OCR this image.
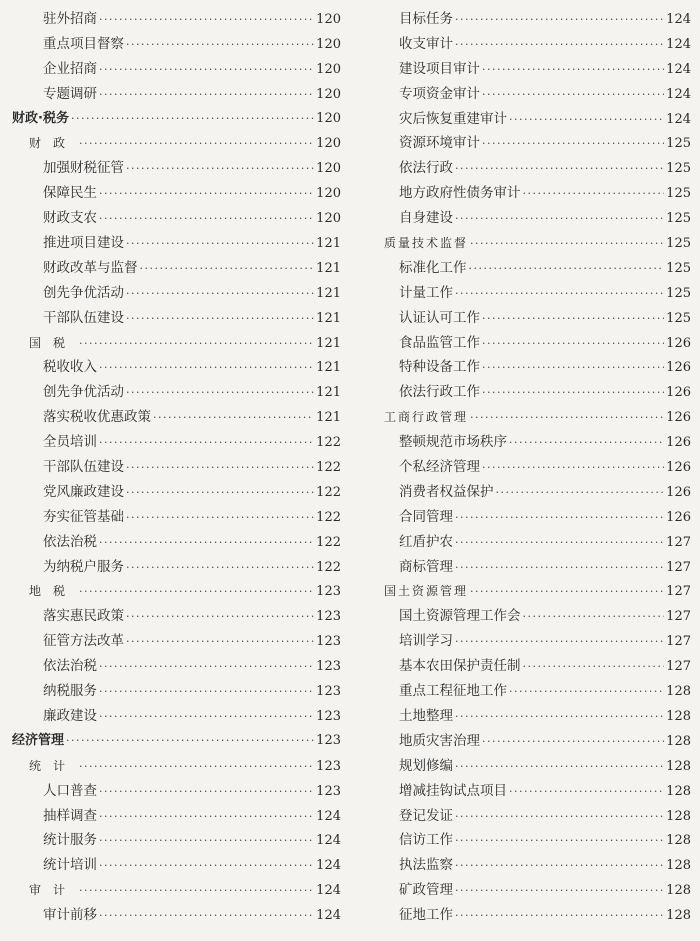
驻外招商 ·····	120
重点项目督察 ·····	120
企业招商 ·····	120
专题调研 ·····	120
财政·税务 ·····	120
财政 ·····	120
加强财税征管 ·····	120
保障民生 ·····	120
财政支农 ·····	120
推进项目建设 ·····	121
财政改革与监督 ·····	121
创先争优活动 ·····	121
干部队伍建设 ·····	121
国税 ·····	121
税收收入 ·····	121
创先争优活动 ·····	121
落实税收优惠政策 ·····	121
全员培训 ·····	122
干部队伍建设 ·····	122
党风廉政建设 ·····	122
夯实征管基础 ·····	122
依法治税 ·····	122
为纳税户服务 ·····	122
地税 ·····	123
落实惠民政策 ·····	123
征管方法改革 ·····	123
依法治税 ·····	123
纳税服务 ·····	123
廉政建设 ·····	123
经济管理 ·····	123
统计 ·····	123
人口普查 ·····	123
抽样调查 ·····	124
统计服务 ·····	124
统计培训 ·····	124
审计 ·····	124
审计前移 ·····	124
目标任务 ·····	124
收支审计 ·····	124
建设项目审计 ·····	124
专项资金审计 ·····	124
灾后恢复重建审计 ·····	124
资源环境审计 ·····	125
依法行政 ·····	125
地方政府性债务审计 ·····	125
自身建设 ·····	125
质量技术监督 ·····	125
标准化工作 ·····	125
计量工作 ·····	125
认证认可工作 ·····	125
食品监管工作 ·····	126
特种设备工作 ·····	126
依法行政工作 ·····	126
工商行政管理 ·····	126
整顿规范市场秩序 ·····	126
个私经济管理 ·····	126
消费者权益保护 ·····	126
合同管理 ·····	126
红盾护农 ·····	127
商标管理 ·····	127
国土资源管理 ·····	127
国土资源管理工作会 ·····	127
培训学习 ·····	127
基本农田保护责任制 ·····	127
重点工程征地工作 ·····	128
土地整理 ·····	128
地质灾害治理 ·····	128
规划修编 ·····	128
增减挂钩试点项目 ·····	128
登记发证 ·····	128
信访工作 ·····	128
执法监察 ·····	128
矿政管理 ·····	128
征地工作 ·····	128
